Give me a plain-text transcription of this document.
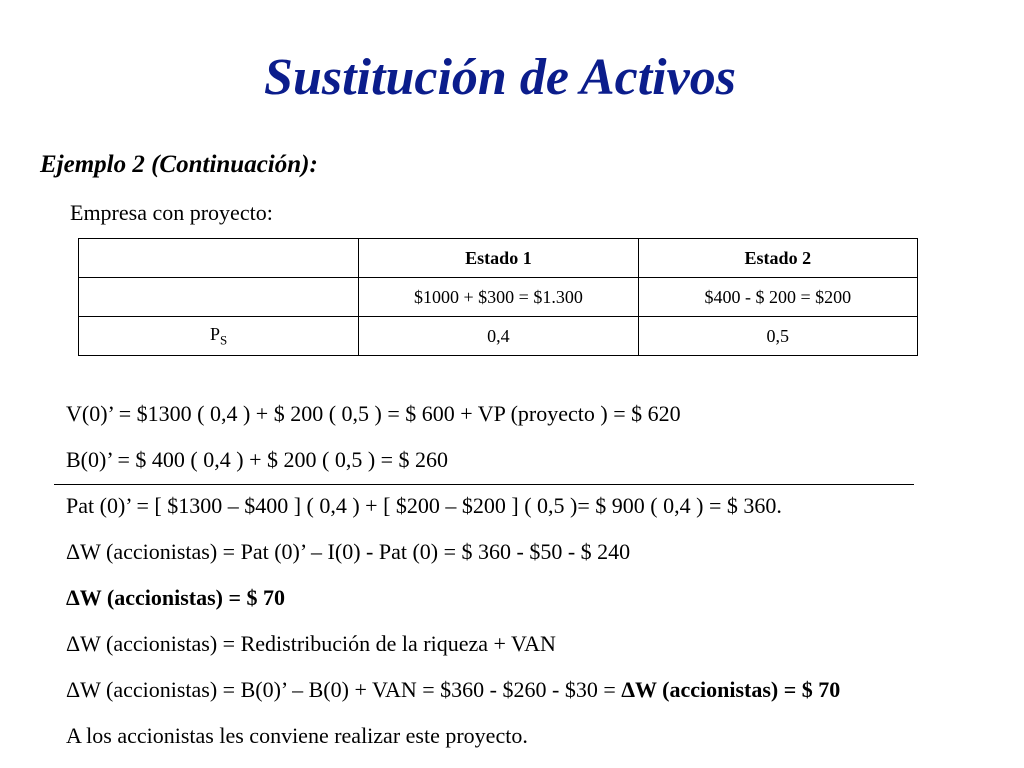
Sustitución de Activos
Ejemplo 2 (Continuación):
Empresa con proyecto:
	Estado 1	Estado 2
	$1000 + $300 = $1.300	$400 - $ 200 = $200
$P_S$	0,4	0,5
V(0)’ = $1300 ( 0,4 ) + $ 200 ( 0,5 ) = $ 600 + VP (proyecto ) = $ 620
B(0)’ = $ 400 ( 0,4 ) + $ 200 ( 0,5 ) = $ 260
Pat (0)’ = [ $1300 – $400 ] ( 0,4 ) + [ $200 – $200 ] ( 0,5 )= $ 900 ( 0,4 ) = $ 360.
ΔW (accionistas) = Pat (0)’ – I(0) - Pat (0) = $ 360 - $50 - $ 240
ΔW (accionistas) = $ 70
ΔW (accionistas) = Redistribución de la riqueza + VAN
ΔW (accionistas) = B(0)’ – B(0) + VAN = $360 - $260 - $30 = ΔW (accionistas) = $ 70
A los accionistas les conviene realizar este proyecto.
